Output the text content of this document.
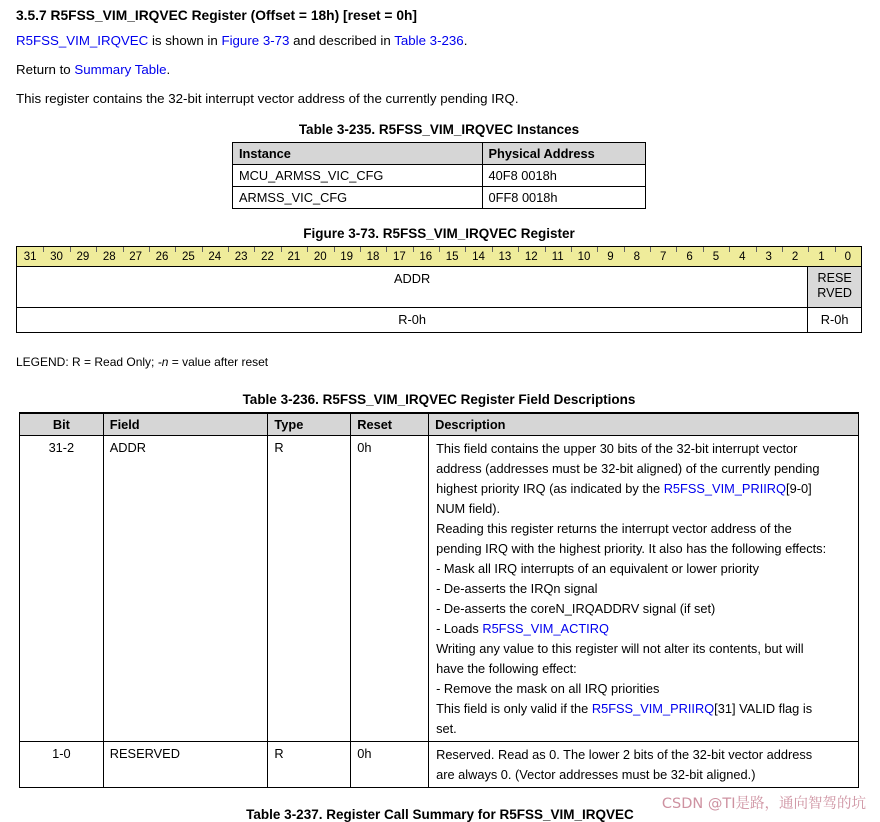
3.5.7 R5FSS_VIM_IRQVEC Register (Offset = 18h) [reset = 0h]
R5FSS_VIM_IRQVEC is shown in Figure 3-73 and described in Table 3-236.
Return to Summary Table.
This register contains the 32-bit interrupt vector address of the currently pending IRQ.
Table 3-235. R5FSS_VIM_IRQVEC Instances
Instance	Physical Address
MCU_ARMSS_VIC_CFG	40F8 0018h
ARMSS_VIC_CFG	0FF8 0018h
Figure 3-73. R5FSS_VIM_IRQVEC Register
31	30	29	28	27	26	25	24	23	22	21	20	19	18	17	16	15	14	13	12	11	10	9	8	7	6	5	4	3	2	1	0
ADDR	RESE
RVED
R-0h	R-0h
LEGEND: R = Read Only; -n = value after reset
Table 3-236. R5FSS_VIM_IRQVEC Register Field Descriptions
Bit	Field	Type	Reset	Description
31-2	ADDR	R	0h	This field contains the upper 30 bits of the 32-bit interrupt vector
address (addresses must be 32-bit aligned) of the currently pending
highest priority IRQ (as indicated by the R5FSS_VIM_PRIIRQ[9-0]
NUM field).
Reading this register returns the interrupt vector address of the
pending IRQ with the highest priority. It also has the following effects:
- Mask all IRQ interrupts of an equivalent or lower priority
- De-asserts the IRQn signal
- De-asserts the coreN_IRQADDRV signal (if set)
- Loads R5FSS_VIM_ACTIRQ
Writing any value to this register will not alter its contents, but will
have the following effect:
- Remove the mask on all IRQ priorities
This field is only valid if the R5FSS_VIM_PRIIRQ[31] VALID flag is
set.
1-0	RESERVED	R	0h	Reserved. Read as 0. The lower 2 bits of the 32-bit vector address
are always 0. (Vector addresses must be 32-bit aligned.)
CSDN @TI是路，通向智驾的坑
Table 3-237. Register Call Summary for R5FSS_VIM_IRQVEC
